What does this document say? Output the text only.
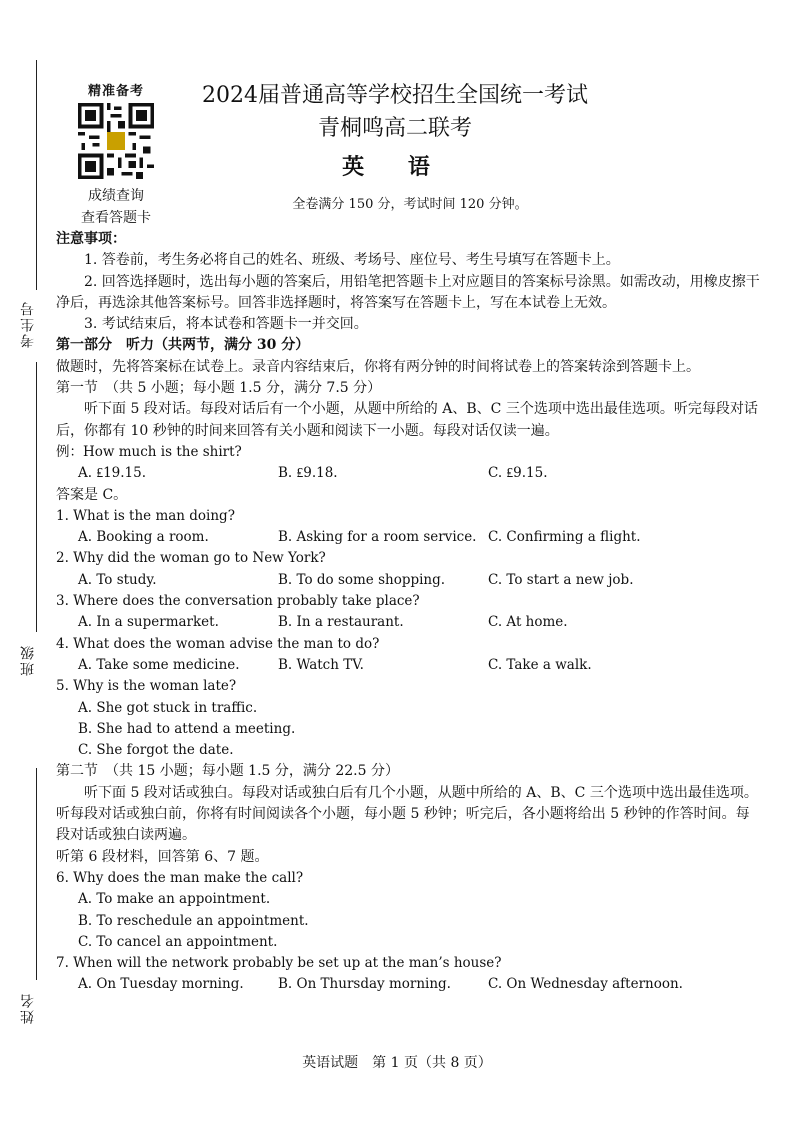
考生号
班级
姓名
精准备考
成绩查询
查看答题卡
2024届普通高等学校招生全国统一考试
青桐鸣高二联考
英 语
全卷满分 150 分，考试时间 120 分钟。

注意事项：

1. 答卷前，考生务必将自己的姓名、班级、考场号、座位号、考生号填写在答题卡上。

2. 回答选择题时，选出每小题的答案后，用铅笔把答题卡上对应题目的答案标号涂黑。如需改动，用橡皮擦干净后，再选涂其他答案标号。回答非选择题时，将答案写在答题卡上，写在本试卷上无效。

3. 考试结束后，将本试卷和答题卡一并交回。

第一部分　听力（共两节，满分 30 分）

做题时，先将答案标在试卷上。录音内容结束后，你将有两分钟的时间将试卷上的答案转涂到答题卡上。

第一节　（共 5 小题；每小题 1.5 分，满分 7.5 分）

听下面 5 段对话。每段对话后有一个小题，从题中所给的 A、B、C 三个选项中选出最佳选项。听完每段对话后，你都有 10 秒钟的时间来回答有关小题和阅读下一小题。每段对话仅读一遍。

例：How much is the shirt?

A. ₤19.15.	B. ₤9.18.	C. ₤9.15.

答案是 C。

1. What is the man doing?

A. Booking a room.	B. Asking for a room service. C. Confirming a flight.

2. Why did the woman go to New York?

A. To study.	B. To do some shopping.	C. To start a new job.

3. Where does the conversation probably take place?

A. In a supermarket.	B. In a restaurant.	C. At home.

4. What does the woman advise the man to do?

A. Take some medicine.	B. Watch TV.	C. Take a walk.

5. Why is the woman late?

A. She got stuck in traffic.

B. She had to attend a meeting.

C. She forgot the date.

第二节　（共 15 小题；每小题 1.5 分，满分 22.5 分）

听下面 5 段对话或独白。每段对话或独白后有几个小题，从题中所给的 A、B、C 三个选项中选出最佳选项。听每段对话或独白前，你将有时间阅读各个小题，每小题 5 秒钟；听完后，各小题将给出 5 秒钟的作答时间。每段对话或独白读两遍。

听第 6 段材料，回答第 6、7 题。

6. Why does the man make the call?

A. To make an appointment.

B. To reschedule an appointment.

C. To cancel an appointment.

7. When will the network probably be set up at the man’s house?

A. On Tuesday morning.	B. On Thursday morning.	C. On Wednesday afternoon.
英语试题　第 1 页（共 8 页）
